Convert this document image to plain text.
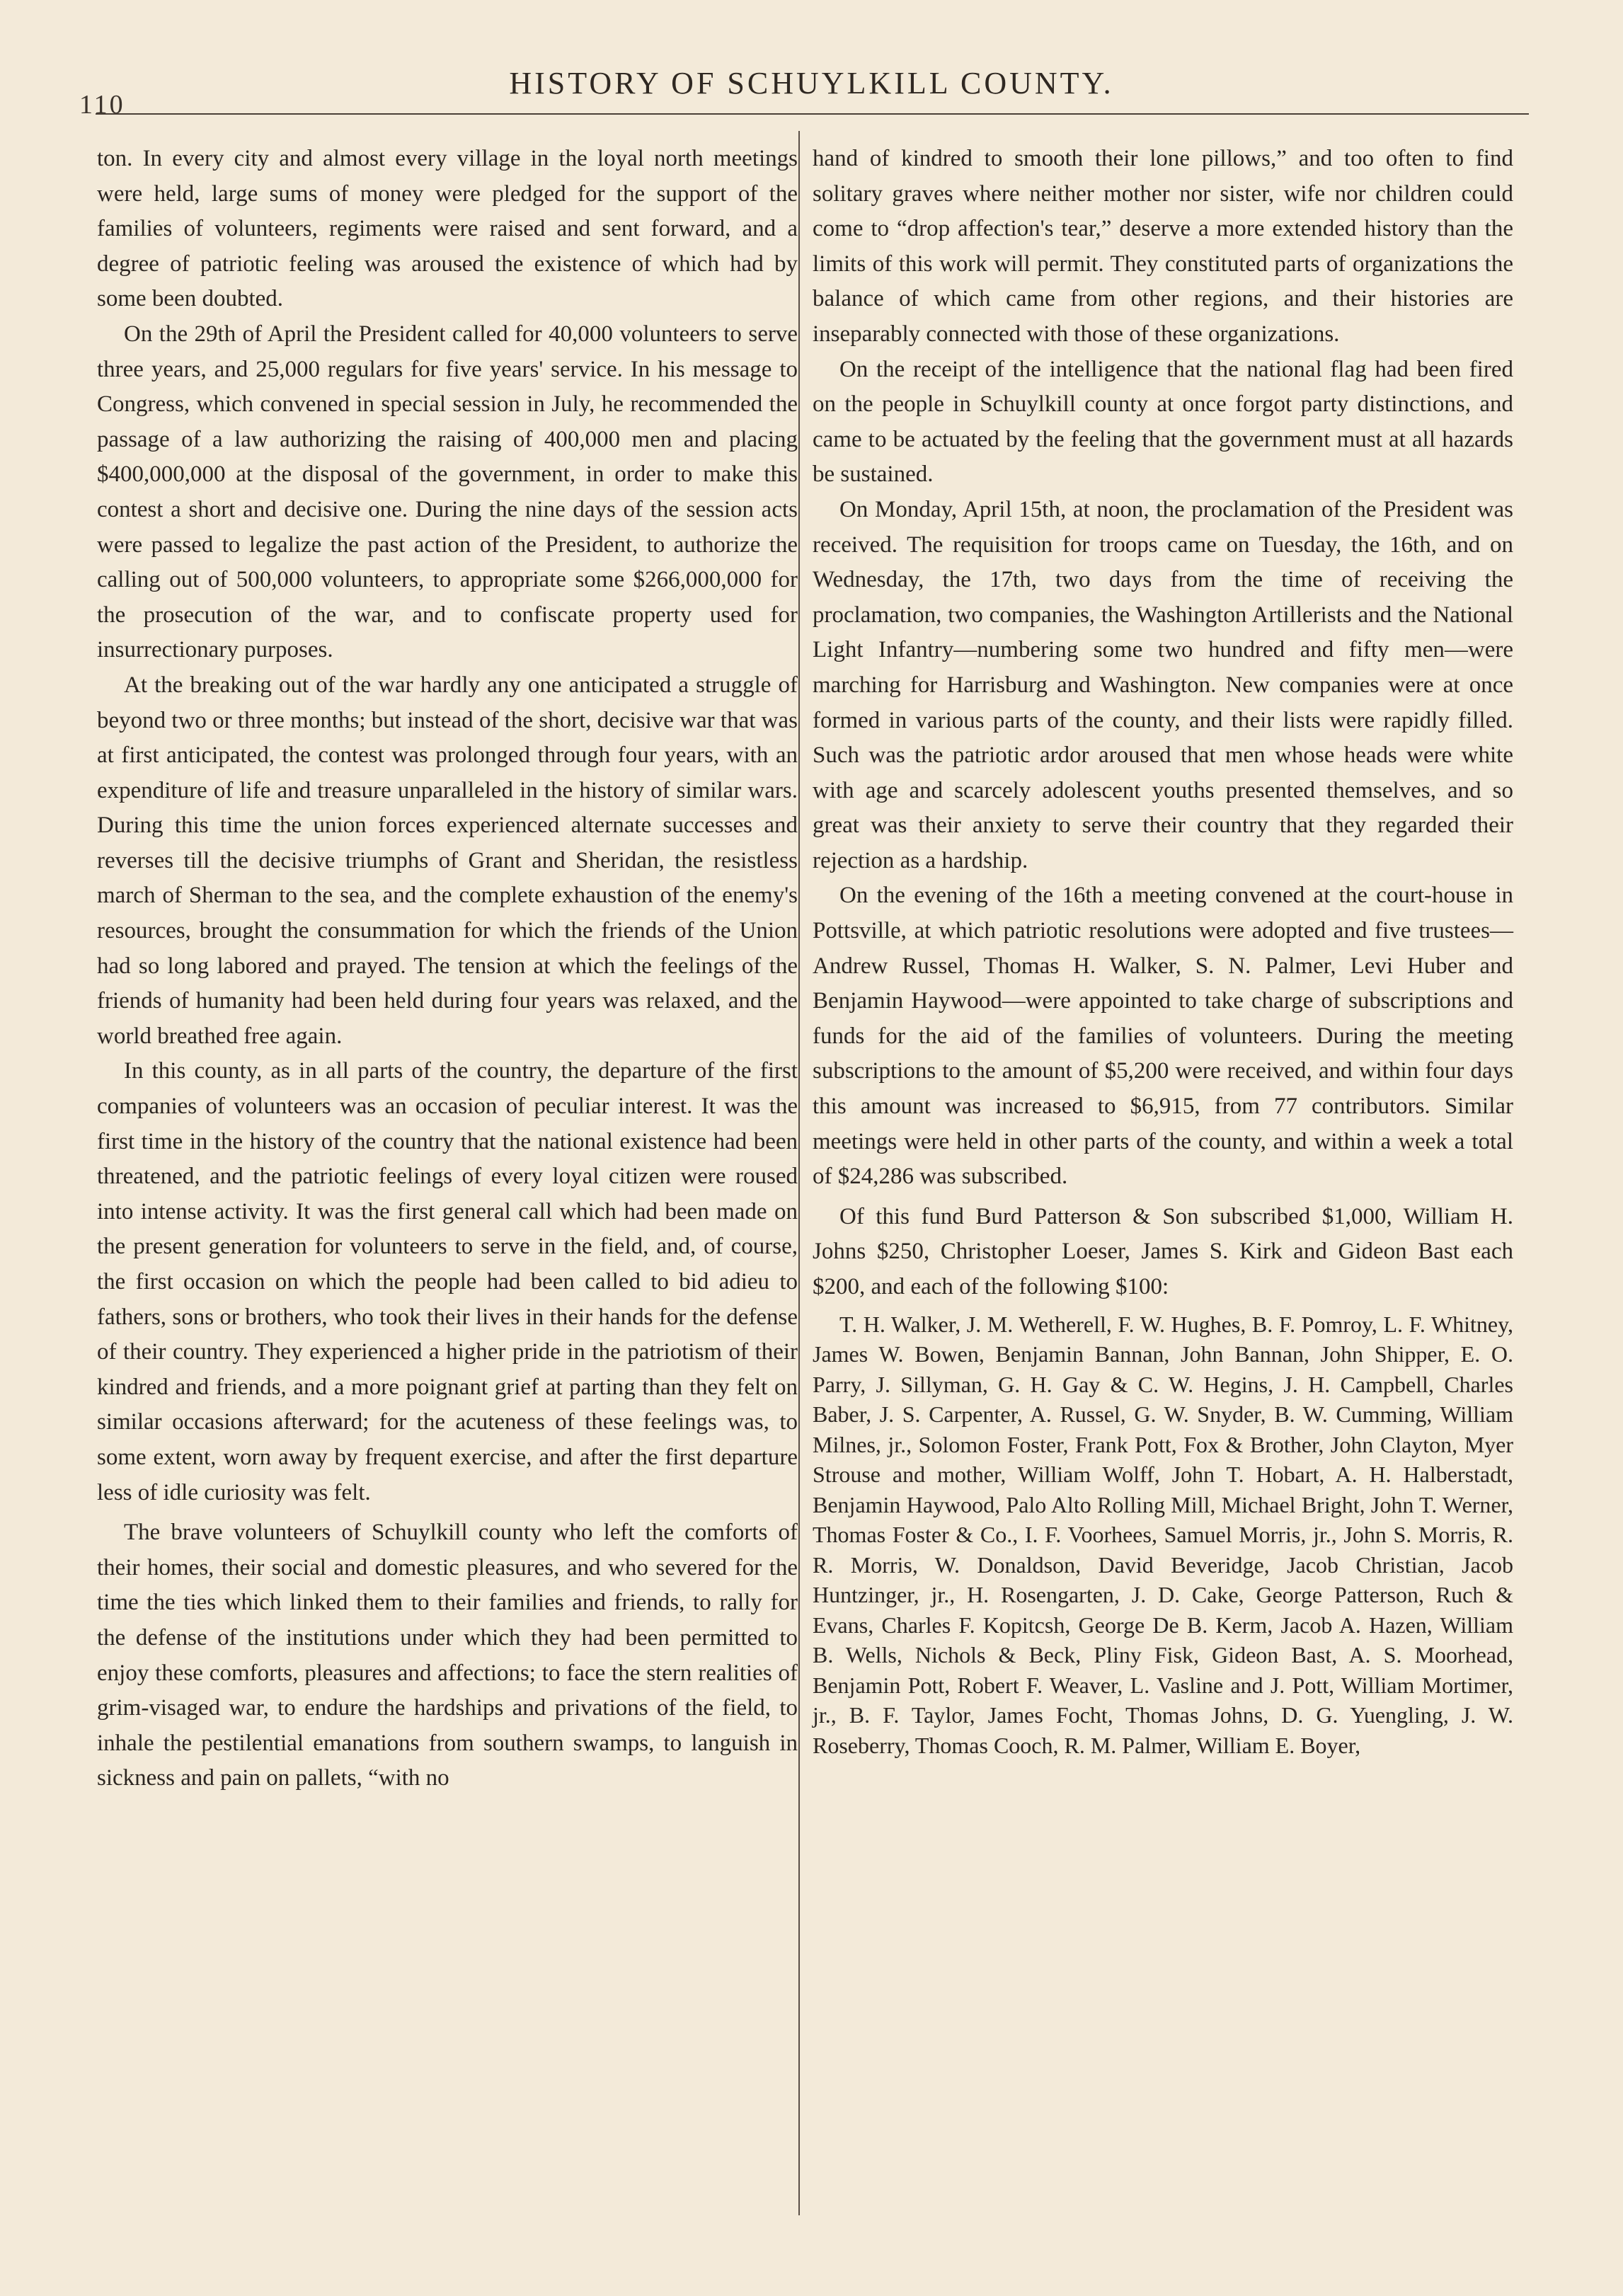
110
HISTORY OF SCHUYLKILL COUNTY.

ton. In every city and almost every village in the loyal north meetings were held, large sums of money were pledged for the support of the families of volunteers, regiments were raised and sent forward, and a degree of patriotic feeling was aroused the existence of which had by some been doubted.

On the 29th of April the President called for 40,000 volunteers to serve three years, and 25,000 regulars for five years' service. In his message to Congress, which convened in special session in July, he recommended the passage of a law authorizing the raising of 400,000 men and placing $400,000,000 at the disposal of the government, in order to make this contest a short and decisive one. During the nine days of the session acts were passed to legalize the past action of the President, to authorize the calling out of 500,000 volunteers, to appropriate some $266,000,000 for the prosecution of the war, and to confiscate property used for insurrectionary purposes.

At the breaking out of the war hardly any one anticipated a struggle of beyond two or three months; but instead of the short, decisive war that was at first anticipated, the contest was prolonged through four years, with an expenditure of life and treasure unparalleled in the history of similar wars. During this time the union forces experienced alternate successes and reverses till the decisive triumphs of Grant and Sheridan, the resistless march of Sherman to the sea, and the complete exhaustion of the enemy's resources, brought the consummation for which the friends of the Union had so long labored and prayed. The tension at which the feelings of the friends of humanity had been held during four years was relaxed, and the world breathed free again.

In this county, as in all parts of the country, the departure of the first companies of volunteers was an occasion of peculiar interest. It was the first time in the history of the country that the national existence had been threatened, and the patriotic feelings of every loyal citizen were roused into intense activity. It was the first general call which had been made on the present generation for volunteers to serve in the field, and, of course, the first occasion on which the people had been called to bid adieu to fathers, sons or brothers, who took their lives in their hands for the defense of their country. They experienced a higher pride in the patriotism of their kindred and friends, and a more poignant grief at parting than they felt on similar occasions afterward; for the acuteness of these feelings was, to some extent, worn away by frequent exercise, and after the first departure less of idle curiosity was felt.

The brave volunteers of Schuylkill county who left the comforts of their homes, their social and domestic pleasures, and who severed for the time the ties which linked them to their families and friends, to rally for the defense of the institutions under which they had been permitted to enjoy these comforts, pleasures and affections; to face the stern realities of grim-visaged war, to endure the hardships and privations of the field, to inhale the pestilential emanations from southern swamps, to languish in sickness and pain on pallets, “with no

hand of kindred to smooth their lone pillows,” and too often to find solitary graves where neither mother nor sister, wife nor children could come to “drop affection's tear,” deserve a more extended history than the limits of this work will permit. They constituted parts of organizations the balance of which came from other regions, and their histories are inseparably connected with those of these organizations.

On the receipt of the intelligence that the national flag had been fired on the people in Schuylkill county at once forgot party distinctions, and came to be actuated by the feeling that the government must at all hazards be sustained.

On Monday, April 15th, at noon, the proclamation of the President was received. The requisition for troops came on Tuesday, the 16th, and on Wednesday, the 17th, two days from the time of receiving the proclamation, two companies, the Washington Artillerists and the National Light Infantry—numbering some two hundred and fifty men—were marching for Harrisburg and Washington. New companies were at once formed in various parts of the county, and their lists were rapidly filled. Such was the patriotic ardor aroused that men whose heads were white with age and scarcely adolescent youths presented themselves, and so great was their anxiety to serve their country that they regarded their rejection as a hardship.

On the evening of the 16th a meeting convened at the court-house in Pottsville, at which patriotic resolutions were adopted and five trustees—Andrew Russel, Thomas H. Walker, S. N. Palmer, Levi Huber and Benjamin Haywood—were appointed to take charge of subscriptions and funds for the aid of the families of volunteers. During the meeting subscriptions to the amount of $5,200 were received, and within four days this amount was increased to $6,915, from 77 contributors. Similar meetings were held in other parts of the county, and within a week a total of $24,286 was subscribed.

Of this fund Burd Patterson & Son subscribed $1,000, William H. Johns $250, Christopher Loeser, James S. Kirk and Gideon Bast each $200, and each of the following $100:

T. H. Walker, J. M. Wetherell, F. W. Hughes, B. F. Pomroy, L. F. Whitney, James W. Bowen, Benjamin Bannan, John Bannan, John Shipper, E. O. Parry, J. Sillyman, G. H. Gay & C. W. Hegins, J. H. Campbell, Charles Baber, J. S. Carpenter, A. Russel, G. W. Snyder, B. W. Cumming, William Milnes, jr., Solomon Foster, Frank Pott, Fox & Brother, John Clayton, Myer Strouse and mother, William Wolff, John T. Hobart, A. H. Halberstadt, Benjamin Haywood, Palo Alto Rolling Mill, Michael Bright, John T. Werner, Thomas Foster & Co., I. F. Voorhees, Samuel Morris, jr., John S. Morris, R. R. Morris, W. Donaldson, David Beveridge, Jacob Christian, Jacob Huntzinger, jr., H. Rosengarten, J. D. Cake, George Patterson, Ruch & Evans, Charles F. Kopitcsh, George De B. Kerm, Jacob A. Hazen, William B. Wells, Nichols & Beck, Pliny Fisk, Gideon Bast, A. S. Moorhead, Benjamin Pott, Robert F. Weaver, L. Vasline and J. Pott, William Mortimer, jr., B. F. Taylor, James Focht, Thomas Johns, D. G. Yuengling, J. W. Roseberry, Thomas Cooch, R. M. Palmer, William E. Boyer,
